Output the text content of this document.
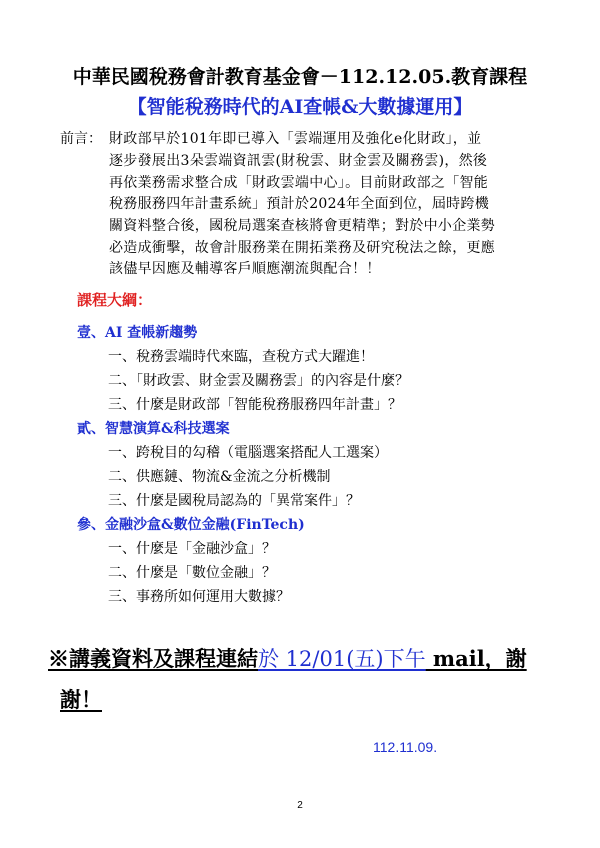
中華民國稅務會計教育基金會－112.12.05.教育課程
【智能稅務時代的AI查帳&大數據運用】
前言： 財政部早於101年即已導入「雲端運用及強化e化財政」，並
逐步發展出3朵雲端資訊雲(財稅雲、財金雲及關務雲)，然後
再依業務需求整合成「財政雲端中心」。目前財政部之「智能
稅務服務四年計畫系統」預計於2024年全面到位，屆時跨機
關資料整合後，國稅局選案查核將會更精準；對於中小企業勢
必造成衝擊，故會計服務業在開拓業務及研究稅法之餘，更應
該儘早因應及輔導客戶順應潮流與配合！！
課程大綱：
壹、AI 查帳新趨勢
一、稅務雲端時代來臨，查稅方式大躍進！
二、「財政雲、財金雲及關務雲」的內容是什麼？
三、什麼是財政部「智能稅務服務四年計畫」？
貳、智慧演算&科技選案
一、跨稅目的勾稽（電腦選案搭配人工選案）
二、供應鏈、物流&金流之分析機制
三、什麼是國稅局認為的「異常案件」？
參、金融沙盒&數位金融(FinTech)
一、什麼是「金融沙盒」？
二、什麼是「數位金融」？
三、事務所如何運用大數據？
※講義資料及課程連結於 12/01(五)下午 mail，謝
謝！
112.11.09.
2
